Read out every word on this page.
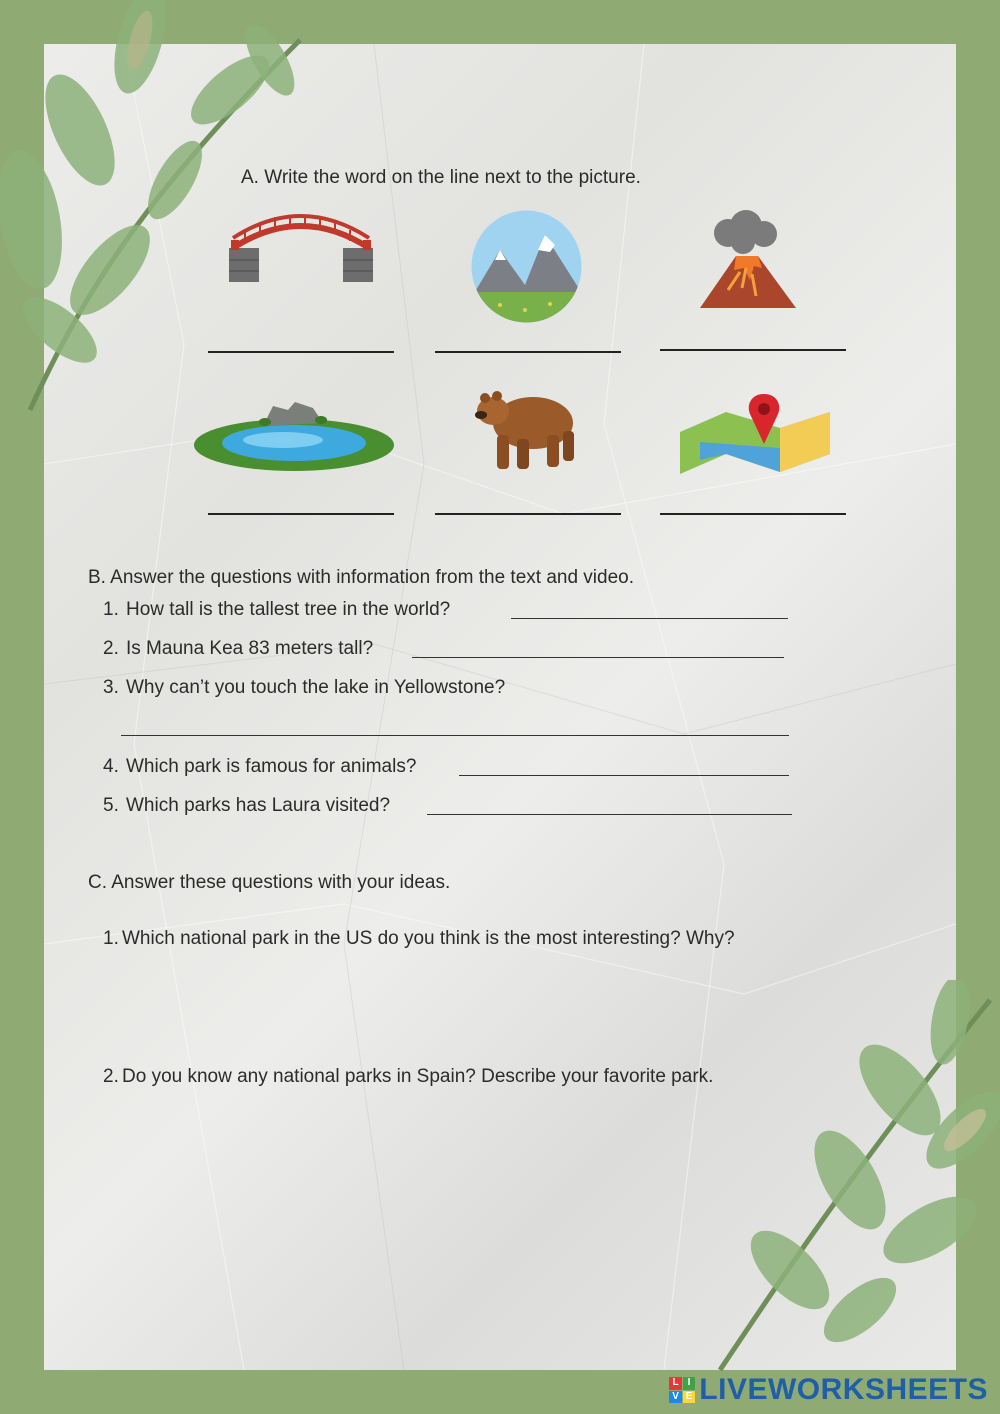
A. Write the word on the line next to the picture.
B. Answer the questions with information from the text and video.
1. How tall is the tallest tree in the world?
2. Is Mauna Kea 83 meters tall?
3. Why can’t you touch the lake in Yellowstone?
4. Which park is famous for animals?
5. Which parks has Laura visited?
C. Answer these questions with your ideas.
1. Which national park in the US do you think is the most interesting? Why?
2. Do you know any national parks in Spain? Describe your favorite park.
L I
V E LIVEWORKSHEETS
